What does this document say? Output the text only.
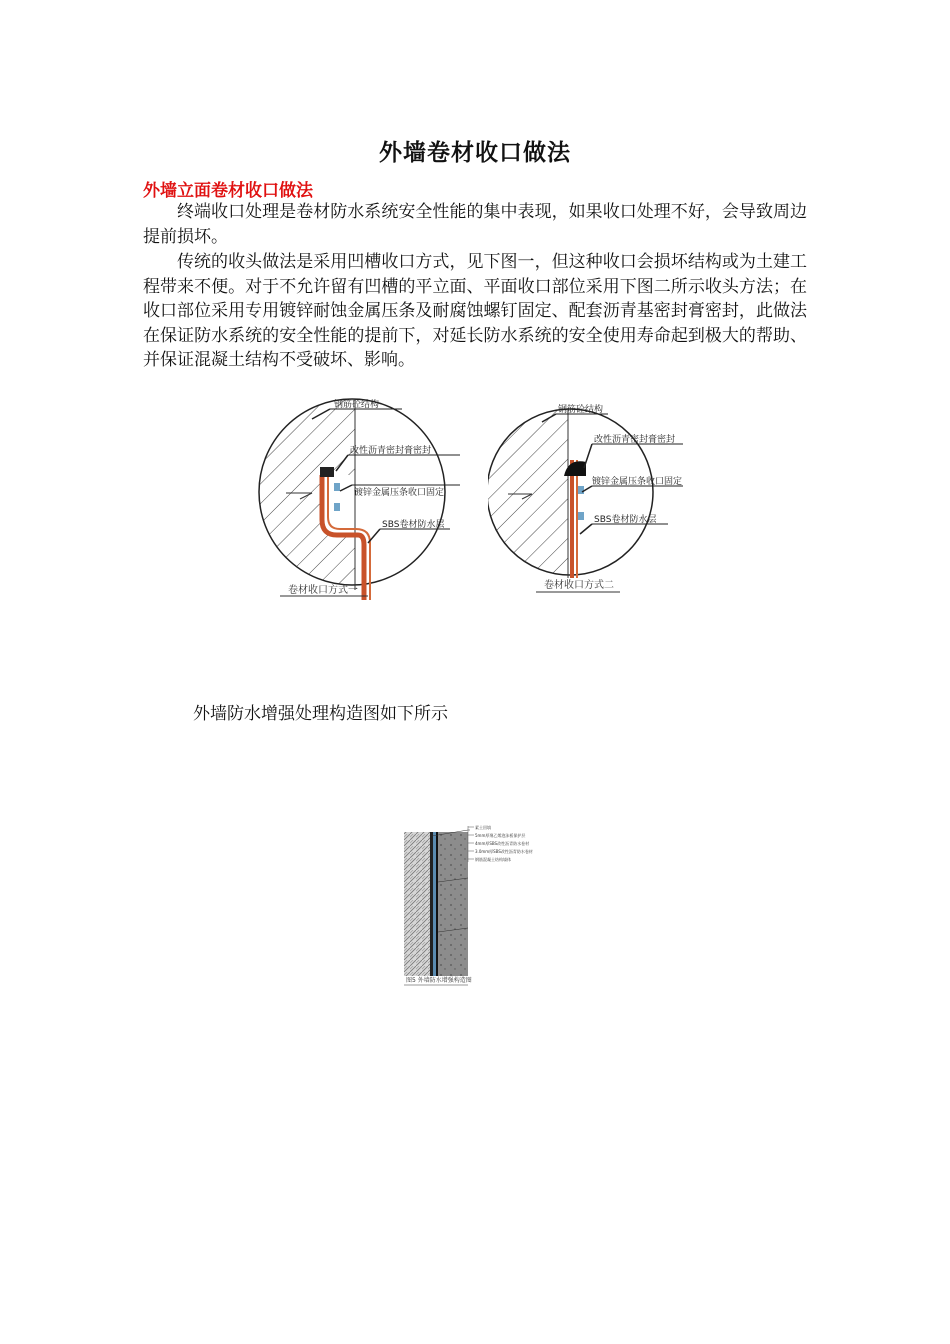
外墙卷材收口做法
外墙立面卷材收口做法

终端收口处理是卷材防水系统安全性能的集中表现，如果收口处理不好，会导致周边提前损坏。

传统的收头做法是采用凹槽收口方式，见下图一，但这种收口会损坏结构或为土建工程带来不便。对于不允许留有凹槽的平立面、平面收口部位采用下图二所示收头方法；在收口部位采用专用镀锌耐蚀金属压条及耐腐蚀螺钉固定、配套沥青基密封膏密封，此做法在保证防水系统的安全性能的提前下，对延长防水系统的安全使用寿命起到极大的帮助、并保证混凝土结构不受破坏、影响。

钢筋砼结构
改性沥青密封膏密封
镀锌金属压条收口固定
SBS卷材防水层
卷材收口方式一
钢筋砼结构
改性沥青密封膏密封
镀锌金属压条收口固定
SBS卷材防水层
卷材收口方式二
外墙防水增强处理构造图如下所示
素土回填
5mm厚聚乙烯泡沫板保护层
4mm厚SBS改性沥青防水卷材
3.0mm厚SBS改性沥青防水卷材
钢筋混凝土结构墙体
图5 外墙防水增强构造图
